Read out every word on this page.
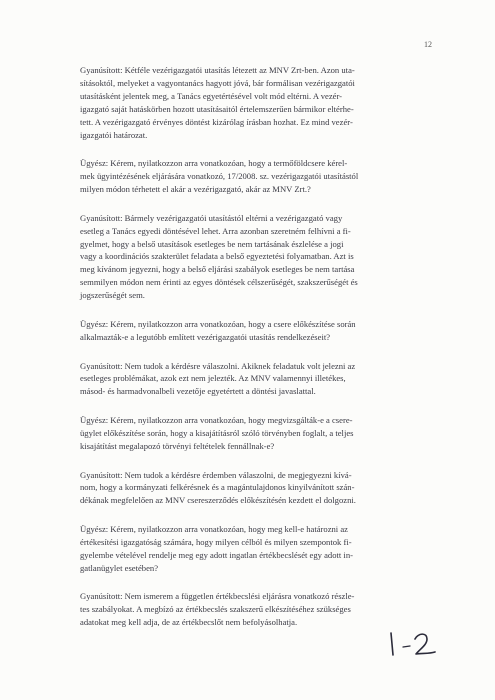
12

Gyanúsított: Kétféle vezérigazgatói utasítás létezett az MNV Zrt-ben. Azon uta-
sításoktól, melyeket a vagyontanács hagyott jóvá, bár formálisan vezérigazgatói
utasításként jelentek meg, a Tanács egyetértésével volt mód eltérni. A vezér-
igazgató saját hatáskörben hozott utasításaitól értelemszerűen bármikor eltérhe-
tett. A vezérigazgató érvényes döntést kizárólag írásban hozhat. Ez mind vezér-
igazgatói határozat.

Ügyész: Kérem, nyilatkozzon arra vonatkozóan, hogy a termőföldcsere kérel-
mek ügyintézésének eljárására vonatkozó, 17/2008. sz. vezérigazgatói utasítástól
milyen módon térhetett el akár a vezérigazgató, akár az MNV Zrt.?

Gyanúsított: Bármely vezérigazgatói utasítástól eltérni a vezérigazgató vagy
esetleg a Tanács egyedi döntésével lehet. Arra azonban szeretném felhívni a fi-
gyelmet, hogy a belső utasítások esetleges be nem tartásának észlelése a jogi
vagy a koordinációs szakterület feladata a belső egyeztetési folyamatban. Azt is
meg kívánom jegyezni, hogy a belső eljárási szabályok esetleges be nem tartása
semmilyen módon nem érinti az egyes döntések célszerűségét, szakszerűségét és
jogszerűségét sem.

Ügyész: Kérem, nyilatkozzon arra vonatkozóan, hogy a csere előkészítése során
alkalmazták-e a legutóbb említett vezérigazgatói utasítás rendelkezéseit?

Gyanúsított: Nem tudok a kérdésre válaszolni. Akiknek feladatuk volt jelezni az
esetleges problémákat, azok ezt nem jelezték. Az MNV valamennyi illetékes,
másod- és harmadvonalbeli vezetője egyetértett a döntési javaslattal.

Ügyész: Kérem, nyilatkozzon arra vonatkozóan, hogy megvizsgálták-e a csere-
ügylet előkészítése során, hogy a kisajátításról szóló törvényben foglalt, a teljes
kisajátítást megalapozó törvényi feltételek fennállnak-e?

Gyanúsított: Nem tudok a kérdésre érdemben válaszolni, de megjegyezni kívá-
nom, hogy a kormányzati felkérésnek és a magántulajdonos kinyilvánított szán-
dékának megfelelően az MNV csereszerződés előkészítésén kezdett el dolgozni.

Ügyész: Kérem, nyilatkozzon arra vonatkozóan, hogy meg kell-e határozni az
értékesítési igazgatóság számára, hogy milyen célból és milyen szempontok fi-
gyelembe vételével rendelje meg egy adott ingatlan értékbecslését egy adott in-
gatlanügylet esetében?

Gyanúsított: Nem ismerem a független értékbecslési eljárásra vonatkozó részle-
tes szabályokat. A megbízó az értékbecslés szakszerű elkészítéséhez szükséges
adatokat meg kell adja, de az értékbecslőt nem befolyásolhatja.
